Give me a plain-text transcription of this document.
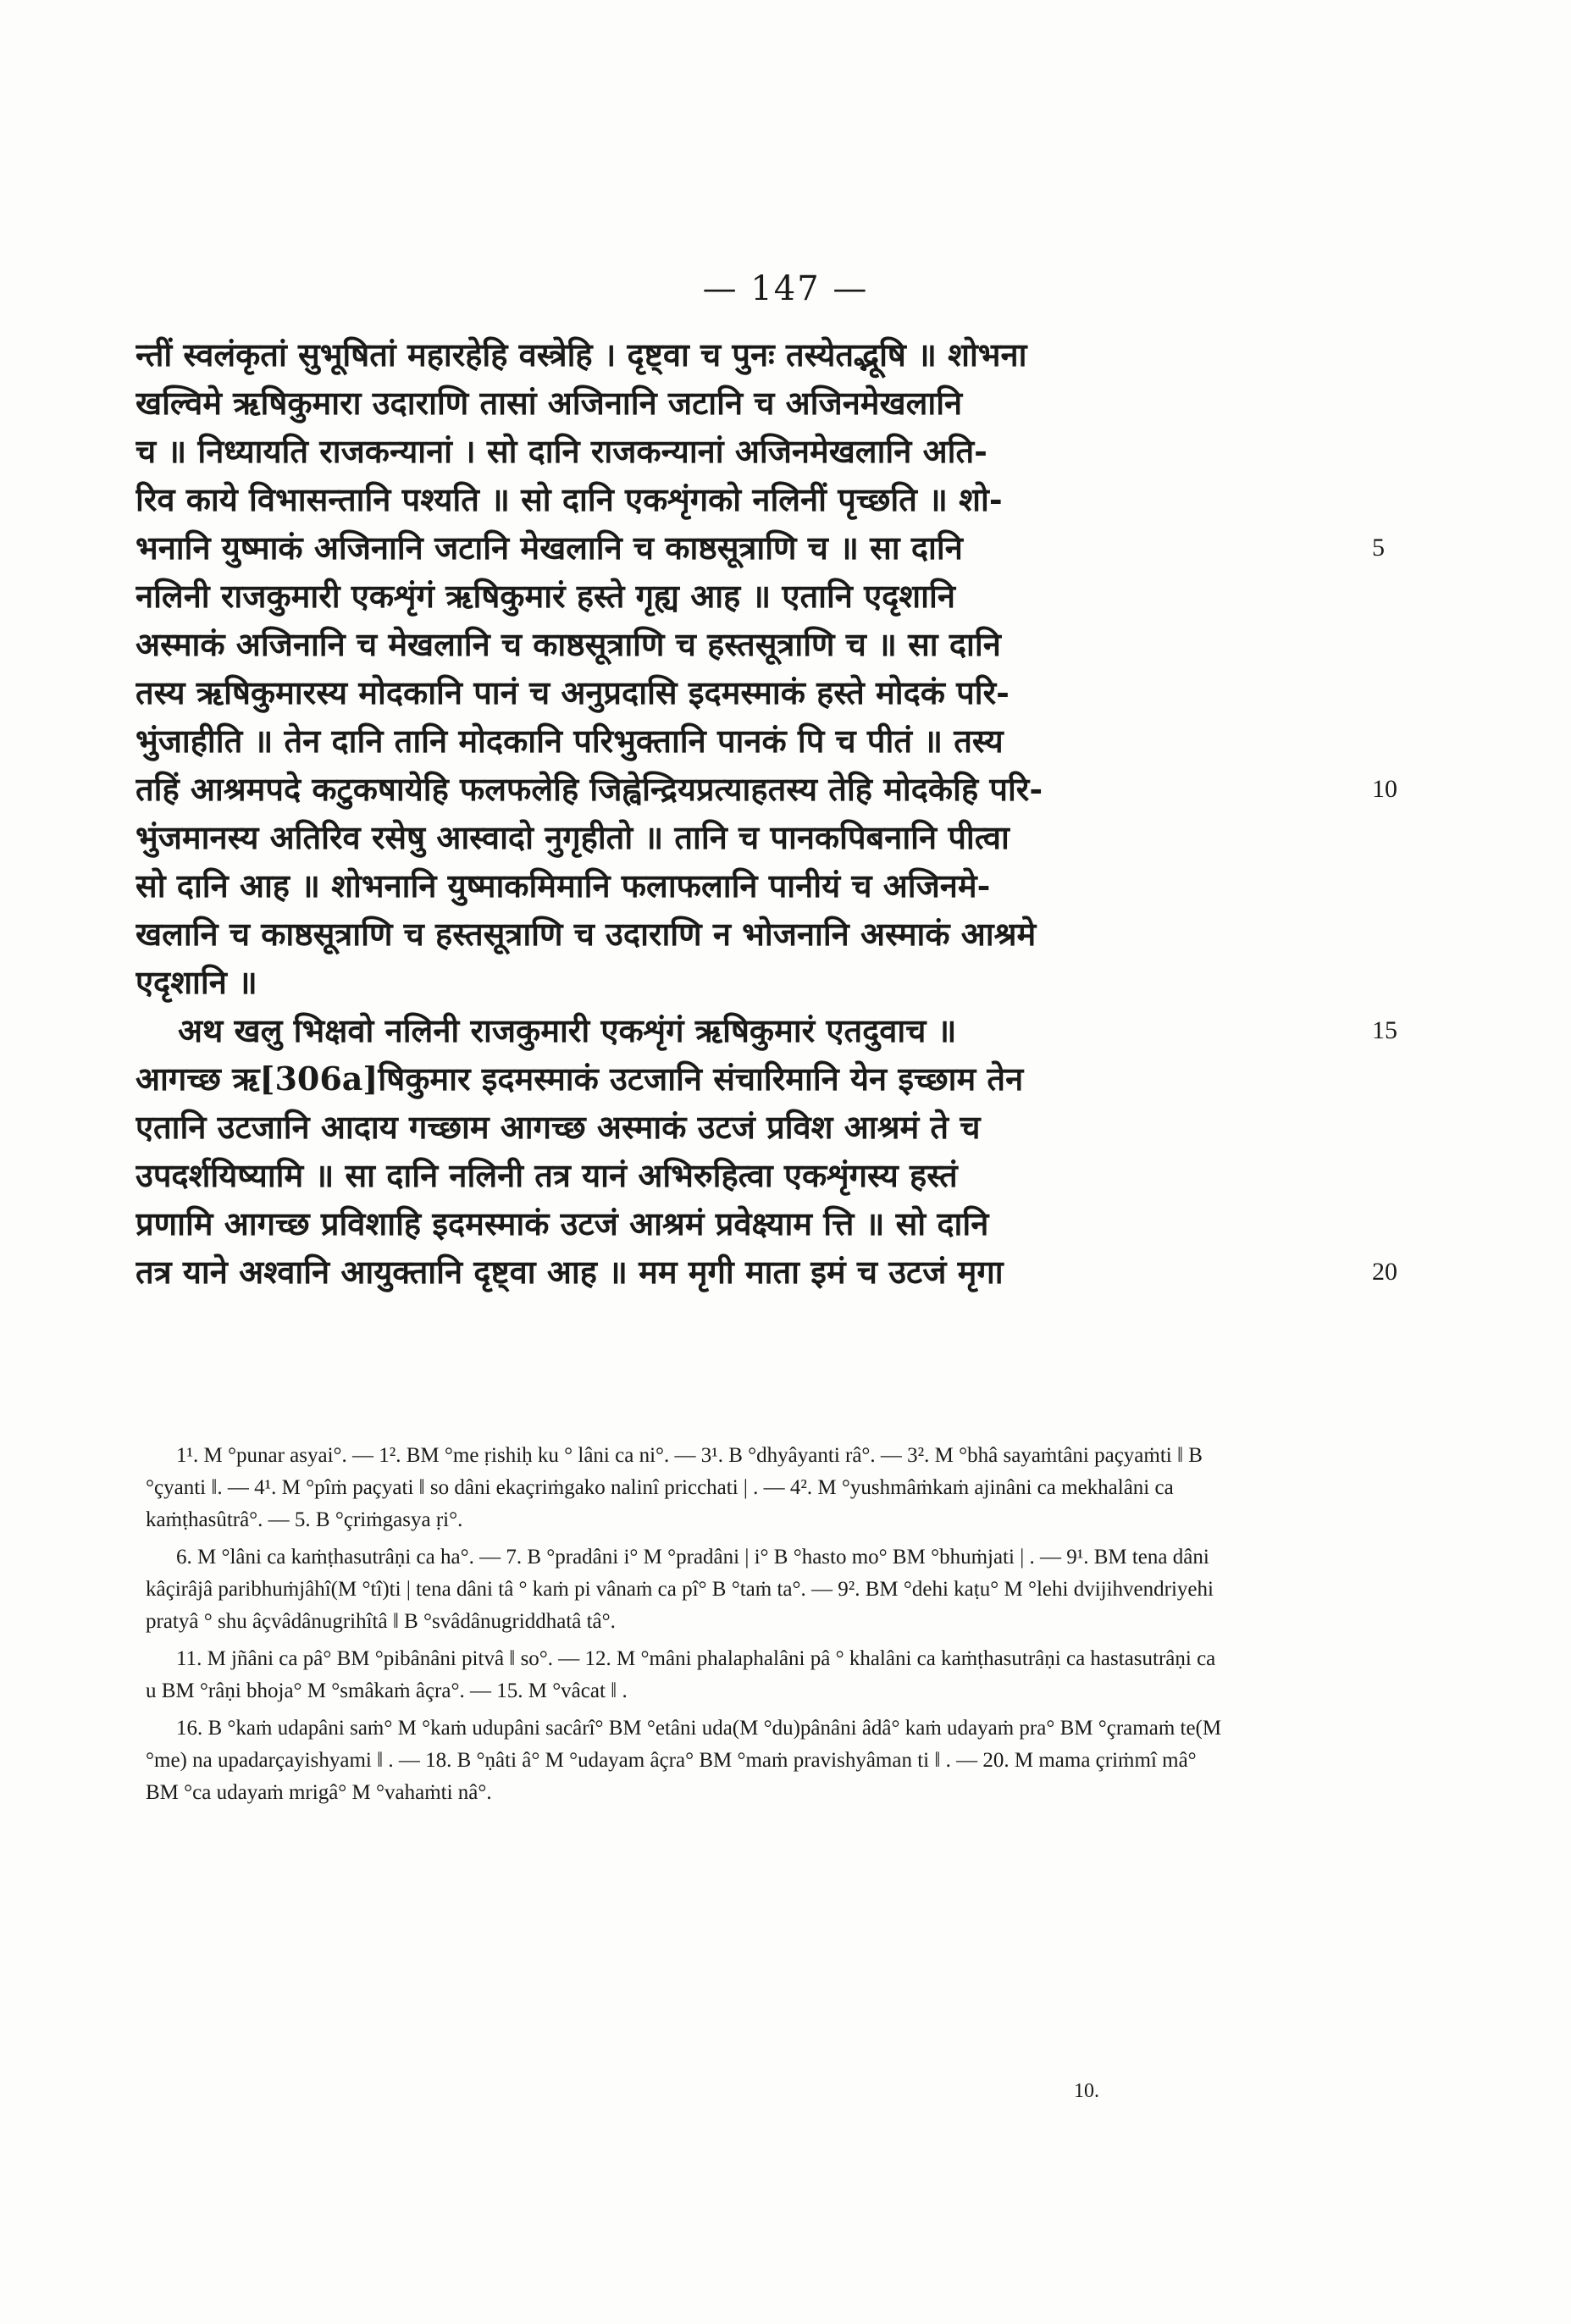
— 147 —
न्तीं स्वलंकृतां सुभूषितां महारहेहि वस्त्रेहि । दृष्ट्वा च पुनः तस्येतद्भूषि ॥ शोभना
खल्विमे ऋषिकुमारा उदाराणि तासां अजिनानि जटानि च अजिनमेखलानि
च ॥ निध्यायति राजकन्यानां । सो दानि राजकन्यानां अजिनमेखलानि अति-
रिव काये विभासन्तानि पश्यति ॥ सो दानि एकशृंगको नलिनीं पृच्छति ॥ शो-
भनानि युष्माकं अजिनानि जटानि मेखलानि च काष्ठसूत्राणि च ॥ सा दानि
नलिनी राजकुमारी एकशृंगं ऋषिकुमारं हस्ते गृह्य आह ॥ एतानि एदृशानि
अस्माकं अजिनानि च मेखलानि च काष्ठसूत्राणि च हस्तसूत्राणि च ॥ सा दानि
तस्य ऋषिकुमारस्य मोदकानि पानं च अनुप्रदासि इदमस्माकं हस्ते मोदकं परि-
भुंजाहीति ॥ तेन दानि तानि मोदकानि परिभुक्तानि पानकं पि च पीतं ॥ तस्य
तहिं आश्रमपदे कटुकषायेहि फलफलेहि जिह्वेन्द्रियप्रत्याहतस्य तेहि मोदकेहि परि-
भुंजमानस्य अतिरिव रसेषु आस्वादो नुगृहीतो ॥ तानि च पानकपिबनानि पीत्वा
सो दानि आह ॥ शोभनानि युष्माकमिमानि फलाफलानि पानीयं च अजिनमे-
खलानि च काष्ठसूत्राणि च हस्तसूत्राणि च उदाराणि न भोजनानि अस्माकं आश्रमे
एदृशानि ॥
अथ खलु भिक्षवो नलिनी राजकुमारी एकशृंगं ऋषिकुमारं एतदुवाच ॥
आगच्छ ऋ[306a]षिकुमार इदमस्माकं उटजानि संचारिमानि येन इच्छाम तेन
एतानि उटजानि आदाय गच्छाम आगच्छ अस्माकं उटजं प्रविश आश्रमं ते च
उपदर्शयिष्यामि ॥ सा दानि नलिनी तत्र यानं अभिरुहित्वा एकशृंगस्य हस्तं
प्रणामि आगच्छ प्रविशाहि इदमस्माकं उटजं आश्रमं प्रवेक्ष्याम त्ति ॥ सो दानि
तत्र याने अश्वानि आयुक्तानि दृष्ट्वा आह ॥ मम मृगी माता इमं च उटजं मृगा
5
10
15
20

1¹. M °punar asyai°. — 1². BM °me ṛishiḥ ku ° lâni ca ni°. — 3¹. B °dhyâyanti râ°. — 3². M °bhâ sayaṁtâni paçyaṁti ‖ B °çyanti ‖. — 4¹. M °pîṁ paçyati ‖ so dâni ekaçriṁgako nalinî pricchati | . — 4². M °yushmâṁkaṁ ajinâni ca mekhalâni ca kaṁṭhasûtrâ°. — 5. B °çriṁgasya ṛi°.

6. M °lâni ca kaṁṭhasutrâṇi ca ha°. — 7. B °pradâni i° M °pradâni | i° B °hasto mo° BM °bhuṁjati | . — 9¹. BM tena dâni kâçirâjâ paribhuṁjâhî(M °tî)ti | tena dâni tâ ° kaṁ pi vânaṁ ca pî° B °taṁ ta°. — 9². BM °dehi kaṭu° M °lehi dvijihvendriyehi pratyâ ° shu âçvâdânugrihîtâ ‖ B °svâdânugriddhatâ tâ°.

11. M jñâni ca pâ° BM °pibânâni pitvâ ‖ so°. — 12. M °mâni phalaphalâni pâ ° khalâni ca kaṁṭhasutrâṇi ca hastasutrâṇi ca u BM °râṇi bhoja° M °smâkaṁ âçra°. — 15. M °vâcat ‖ .

16. B °kaṁ udapâni saṁ° M °kaṁ udupâni sacârî° BM °etâni uda(M °du)pânâni âdâ° kaṁ udayaṁ pra° BM °çramaṁ te(M °me) na upadarçayishyami ‖ . — 18. B °ṇâti â° M °udayam âçra° BM °maṁ pravishyâman ti ‖ . — 20. M mama çriṁmî mâ° BM °ca udayaṁ mrigâ° M °vahaṁti nâ°.

10.
